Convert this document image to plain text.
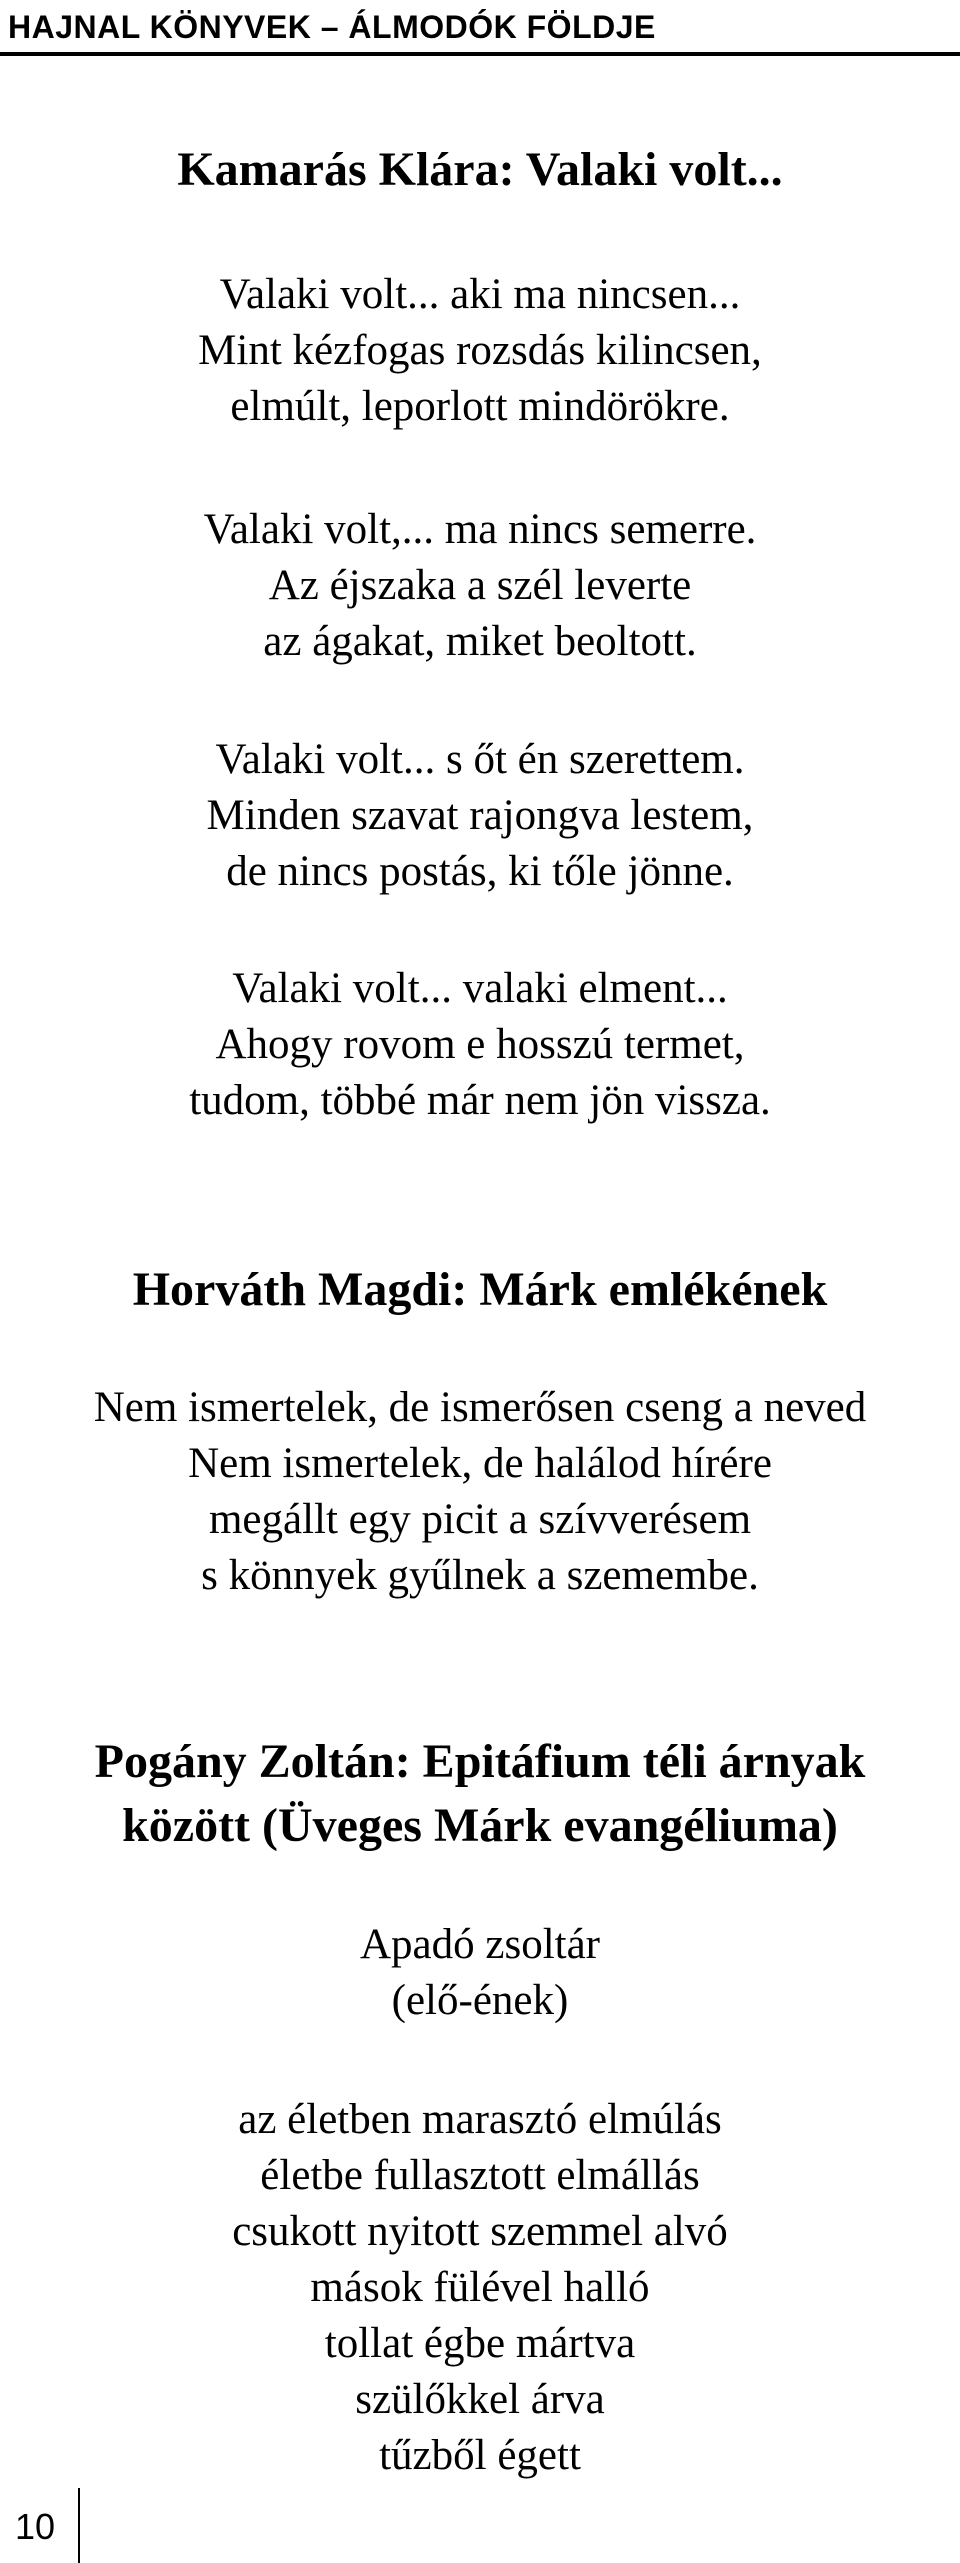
HAJNAL KÖNYVEK – ÁLMODÓK FÖLDJE

Kamarás Klára: Valaki volt...

Valaki volt... aki ma nincsen...
Mint kézfogas rozsdás kilincsen,
elmúlt, leporlott mindörökre.

Valaki volt,... ma nincs semerre.
Az éjszaka a szél leverte
az ágakat, miket beoltott.

Valaki volt... s őt én szerettem.
Minden szavat rajongva lestem,
de nincs postás, ki tőle jönne.

Valaki volt... valaki elment...
Ahogy rovom e hosszú termet,
tudom, többé már nem jön vissza.

Horváth Magdi: Márk emlékének

Nem ismertelek, de ismerősen cseng a neved
Nem ismertelek, de halálod hírére
megállt egy picit a szívverésem
s könnyek gyűlnek a szemembe.

Pogány Zoltán: Epitáfium téli árnyak
között (Üveges Márk evangéliuma)

Apadó zsoltár
(elő-ének)

az életben marasztó elmúlás
életbe fullasztott elmállás
csukott nyitott szemmel alvó
mások fülével halló
tollat égbe mártva
szülőkkel árva
tűzből égett

10
